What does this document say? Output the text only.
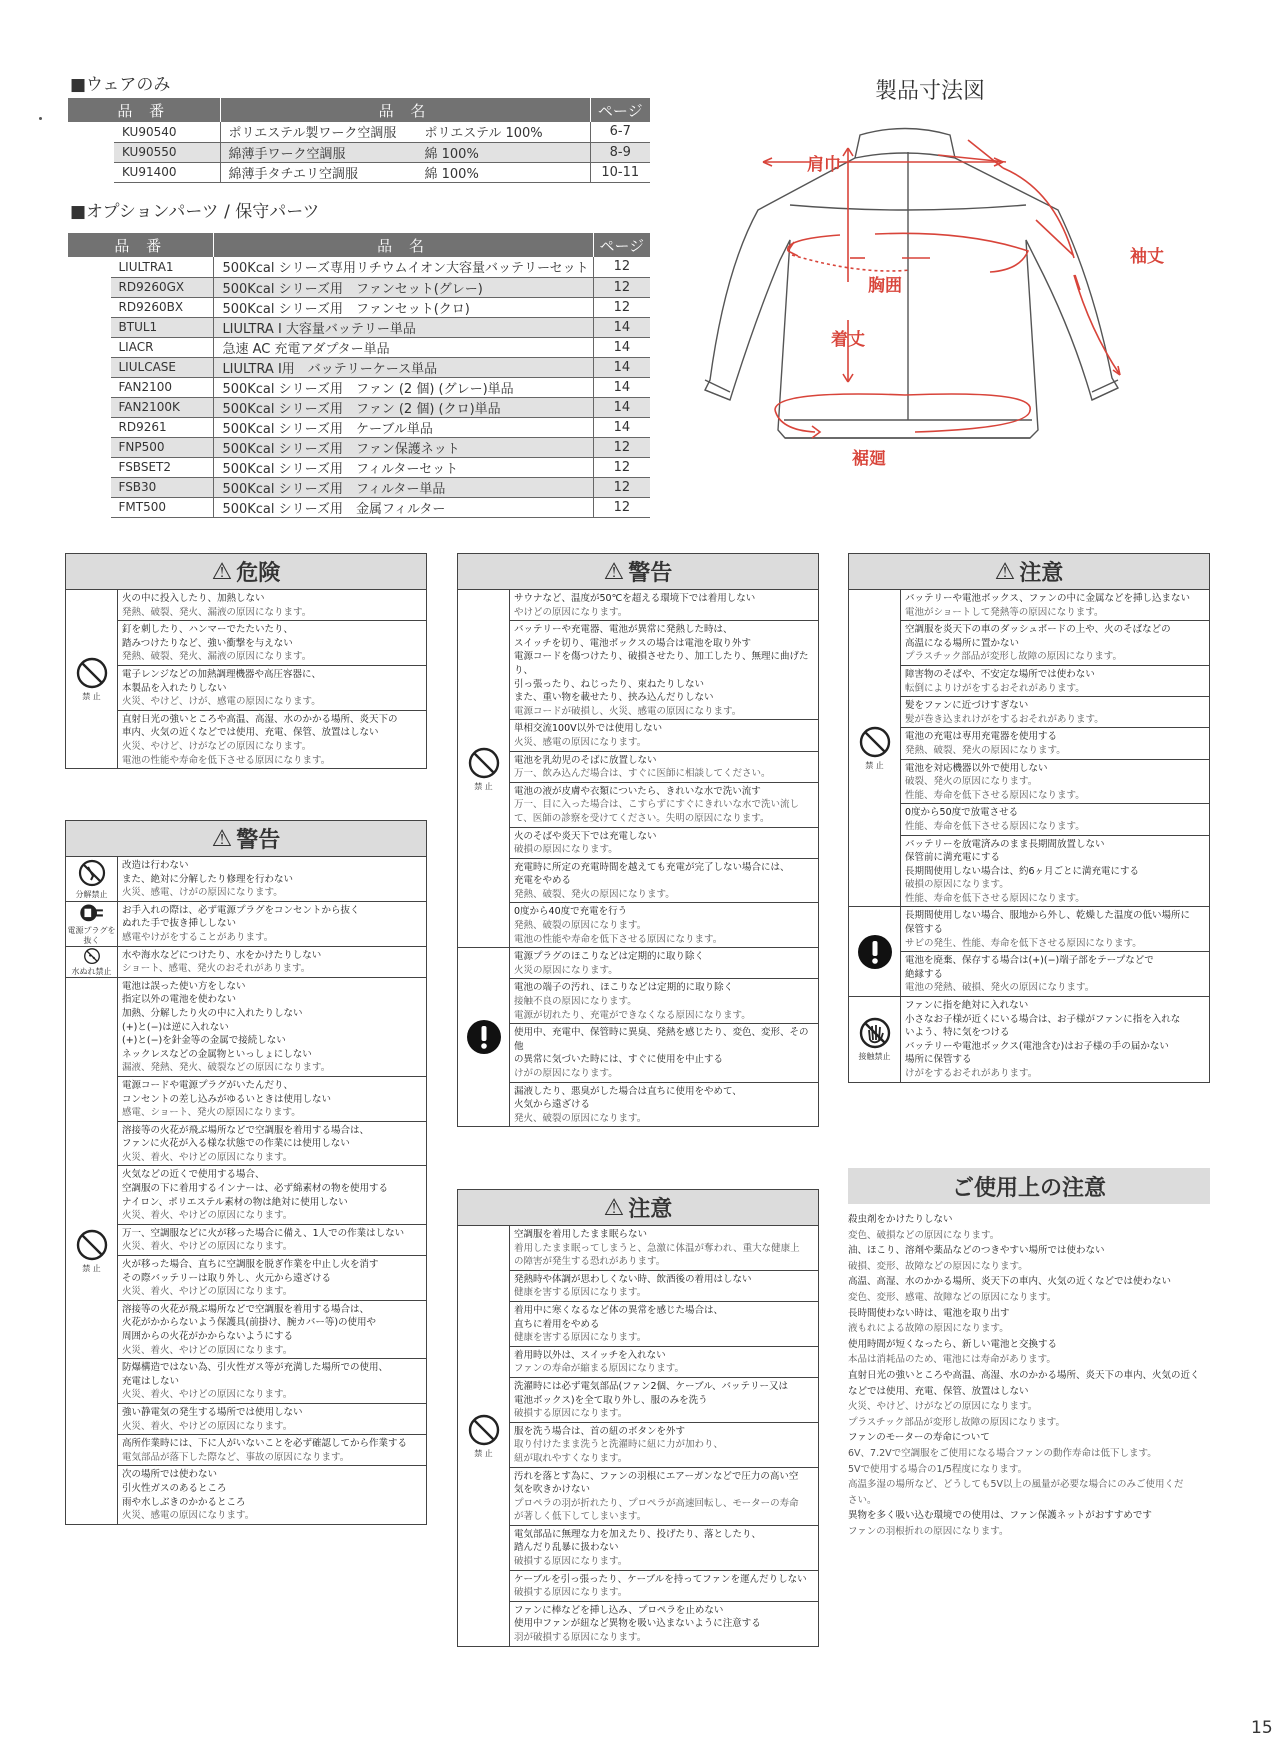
■ウェアのみ
品 番		品 名	ページ
	KU90540	ポリエステル製ワーク空調服 ポリエステル 100%	6-7
	KU90550	綿薄手ワーク空調服 綿 100%	8-9
	KU91400	綿薄手タチエリ空調服 綿 100%	10-11
■オプションパーツ / 保守パーツ
品 番		品 名	ページ
	LIULTRA1	500Kcal シリーズ専用リチウムイオン大容量バッテリーセット	12
	RD9260GX	500Kcal シリーズ用　ファンセット(グレー)	12
	RD9260BX	500Kcal シリーズ用　ファンセット(クロ)	12
	BTUL1	LIULTRA Ⅰ 大容量バッテリー単品	14
	LIACR	急速 AC 充電アダプター単品	14
	LIULCASE	LIULTRA Ⅰ用　バッテリーケース単品	14
	FAN2100	500Kcal シリーズ用　ファン (2 個) (グレー)単品	14
	FAN2100K	500Kcal シリーズ用　ファン (2 個) (クロ)単品	14
	RD9261	500Kcal シリーズ用　ケーブル単品	14
	FNP500	500Kcal シリーズ用　ファン保護ネット	12
	FSBSET2	500Kcal シリーズ用　フィルターセット	12
	FSB30	500Kcal シリーズ用　フィルター単品	12
	FMT500	500Kcal シリーズ用　金属フィルター	12
製品寸法図
肩巾
胸囲
着丈
裾廻
袖丈
⚠ 危険
禁 止
火の中に投入したり、加熱しない
発熱、破裂、発火、漏液の原因になります。
釘を刺したり、ハンマーでたたいたり、
踏みつけたりなど、強い衝撃を与えない
発熱、破裂、発火、漏液の原因になります。
電子レンジなどの加熱調理機器や高圧容器に、
本製品を入れたりしない
火災、やけど、けが、感電の原因になります。
直射日光の強いところや高温、高湿、水のかかる場所、炎天下の
車内、火気の近くなどでは使用、充電、保管、放置はしない
火災、やけど、けがなどの原因になります。
電池の性能や寿命を低下させる原因になります。
⚠ 警告
分解禁止
電源プラグを抜く
水ぬれ禁止
改造は行わない
また、絶対に分解したり修理を行わない
火災、感電、けがの原因になります。
お手入れの際は、必ず電源プラグをコンセントから抜く
ぬれた手で抜き挿ししない
感電やけがをすることがあります。
水や海水などにつけたり、水をかけたりしない
ショート、感電、発火のおそれがあります。
禁 止
電池は誤った使い方をしない
指定以外の電池を使わない
加熱、分解したり火の中に入れたりしない
(+)と(−)は逆に入れない
(+)と(−)を針金等の金属で接続しない
ネックレスなどの金属物といっしょにしない
漏液、発熱、発火、破裂などの原因になります。
電源コードや電源プラグがいたんだり、
コンセントの差し込みがゆるいときは使用しない
感電、ショート、発火の原因になります。
溶接等の火花が飛ぶ場所などで空調服を着用する場合は、
ファンに火花が入る様な状態での作業には使用しない
火災、着火、やけどの原因になります。
火気などの近くで使用する場合、
空調服の下に着用するインナーは、必ず綿素材の物を使用する
ナイロン、ポリエステル素材の物は絶対に使用しない
火災、着火、やけどの原因になります。
万一、空調服などに火が移った場合に備え、1人での作業はしない
火災、着火、やけどの原因になります。
火が移った場合、直ちに空調服を脱ぎ作業を中止し火を消す
その際バッテリーは取り外し、火元から遠ざける
火災、着火、やけどの原因になります。
溶接等の火花が飛ぶ場所などで空調服を着用する場合は、
火花がかからないよう保護具(前掛け、腕カバー等)の使用や
周囲からの火花がかからないようにする
火災、着火、やけどの原因になります。
防爆構造ではない為、引火性ガス等が充満した場所での使用、
充電はしない
火災、着火、やけどの原因になります。
強い静電気の発生する場所では使用しない
火災、着火、やけどの原因になります。
高所作業時には、下に人がいないことを必ず確認してから作業する
電気部品が落下した際など、事故の原因になります。
次の場所では使わない
引火性ガスのあるところ
雨や水しぶきのかかるところ
火災、感電の原因になります。
⚠ 警告
禁 止
サウナなど、温度が50℃を超える環境下では着用しない
やけどの原因になります。
バッテリーや充電器、電池が異常に発熱した時は、
スイッチを切り、電池ボックスの場合は電池を取り外す
電源コードを傷つけたり、破損させたり、加工したり、無理に曲げたり、
引っ張ったり、ねじったり、束ねたりしない
また、重い物を載せたり、挟み込んだりしない
電源コードが破損し、火災、感電の原因になります。
単相交流100V以外では使用しない
火災、感電の原因になります。
電池を乳幼児のそばに放置しない
万一、飲み込んだ場合は、すぐに医師に相談してください。
電池の液が皮膚や衣類についたら、きれいな水で洗い流す
万一、目に入った場合は、こすらずにすぐにきれいな水で洗い流し
て、医師の診察を受けてください。失明の原因になります。
火のそばや炎天下では充電しない
破損の原因になります。
充電時に所定の充電時間を越えても充電が完了しない場合には、
充電をやめる
発熱、破裂、発火の原因になります。
0度から40度で充電を行う
発熱、破裂の原因になります。
電池の性能や寿命を低下させる原因になります。
電源プラグのほこりなどは定期的に取り除く
火災の原因になります。
電池の端子の汚れ、ほこりなどは定期的に取り除く
接触不良の原因になります。
電源が切れたり、充電ができなくなる原因になります。
使用中、充電中、保管時に異臭、発熱を感じたり、変色、変形、その他
の異常に気づいた時には、すぐに使用を中止する
けがの原因になります。
漏液したり、悪臭がした場合は直ちに使用をやめて、
火気から遠ざける
発火、破裂の原因になります。
⚠ 注意
禁 止
空調服を着用したまま眠らない
着用したまま眠ってしまうと、急激に体温が奪われ、重大な健康上
の障害が発生する恐れがあります。
発熱時や体調が思わしくない時、飲酒後の着用はしない
健康を害する原因になります。
着用中に寒くなるなど体の異常を感じた場合は、
直ちに着用をやめる
健康を害する原因になります。
着用時以外は、スイッチを入れない
ファンの寿命が縮まる原因になります。
洗濯時には必ず電気部品(ファン2個、ケーブル、バッテリー又は
電池ボックス)を全て取り外し、服のみを洗う
破損する原因になります。
服を洗う場合は、首の紐のボタンを外す
取り付けたまま洗うと洗濯時に紐に力が加わり、
紐が取れやすくなります。
汚れを落とす為に、ファンの羽根にエアーガンなどで圧力の高い空
気を吹きかけない
プロペラの羽が折れたり、プロペラが高速回転し、モーターの寿命
が著しく低下してしまいます。
電気部品に無理な力を加えたり、投げたり、落としたり、
踏んだり乱暴に扱わない
破損する原因になります。
ケーブルを引っ張ったり、ケーブルを持ってファンを運んだりしない
破損する原因になります。
ファンに棒などを挿し込み、プロペラを止めない
使用中ファンが紐など異物を吸い込まないように注意する
羽が破損する原因になります。
⚠ 注意
禁 止
バッテリーや電池ボックス、ファンの中に金属などを挿し込まない
電池がショートして発熱等の原因になります。
空調服を炎天下の車のダッシュボードの上や、火のそばなどの
高温になる場所に置かない
プラスチック部品が変形し故障の原因になります。
障害物のそばや、不安定な場所では使わない
転倒によりけがをするおそれがあります。
髪をファンに近づけすぎない
髪が巻き込まれけがをするおそれがあります。
電池の充電は専用充電器を使用する
発熱、破裂、発火の原因になります。
電池を対応機器以外で使用しない
破裂、発火の原因になります。
性能、寿命を低下させる原因になります。
0度から50度で放電させる
性能、寿命を低下させる原因になります。
バッテリーを放電済みのまま長期間放置しない
保管前に満充電にする
長期間使用しない場合は、約6ヶ月ごとに満充電にする
破損の原因になります。
性能、寿命を低下させる原因になります。
長期間使用しない場合、服地から外し、乾燥した温度の低い場所に
保管する
サビの発生、性能、寿命を低下させる原因になります。
電池を廃棄、保存する場合は(+)(−)端子部をテープなどで
絶縁する
電池の発熱、破損、発火の原因になります。
接触禁止
ファンに指を絶対に入れない
小さなお子様が近くにいる場合は、お子様がファンに指を入れな
いよう、特に気をつける
バッテリーや電池ボックス(電池含む)はお子様の手の届かない
場所に保管する
けがをするおそれがあります。
ご使用上の注意
殺虫剤をかけたりしない
変色、破損などの原因になります。
油、ほこり、溶剤や薬品などのつきやすい場所では使わない
破損、変形、故障などの原因になります。
高温、高湿、水のかかる場所、炎天下の車内、火気の近くなどでは使わない
変色、変形、感電、故障などの原因になります。
長時間使わない時は、電池を取り出す
液もれによる故障の原因になります。
使用時間が短くなったら、新しい電池と交換する
本品は消耗品のため、電池には寿命があります。
直射日光の強いところや高温、高湿、水のかかる場所、炎天下の車内、火気の近く
などでは使用、充電、保管、放置はしない
火災、やけど、けがなどの原因になります。
プラスチック部品が変形し故障の原因になります。
ファンのモーターの寿命について
6V、7.2Vで空調服をご使用になる場合ファンの動作寿命は低下します。
5Vで使用する場合の1/5程度になります。
高温多湿の場所など、どうしても5V以上の風量が必要な場合にのみご使用くだ
さい。
異物を多く吸い込む環境での使用は、ファン保護ネットがおすすめです
ファンの羽根折れの原因になります。
15
